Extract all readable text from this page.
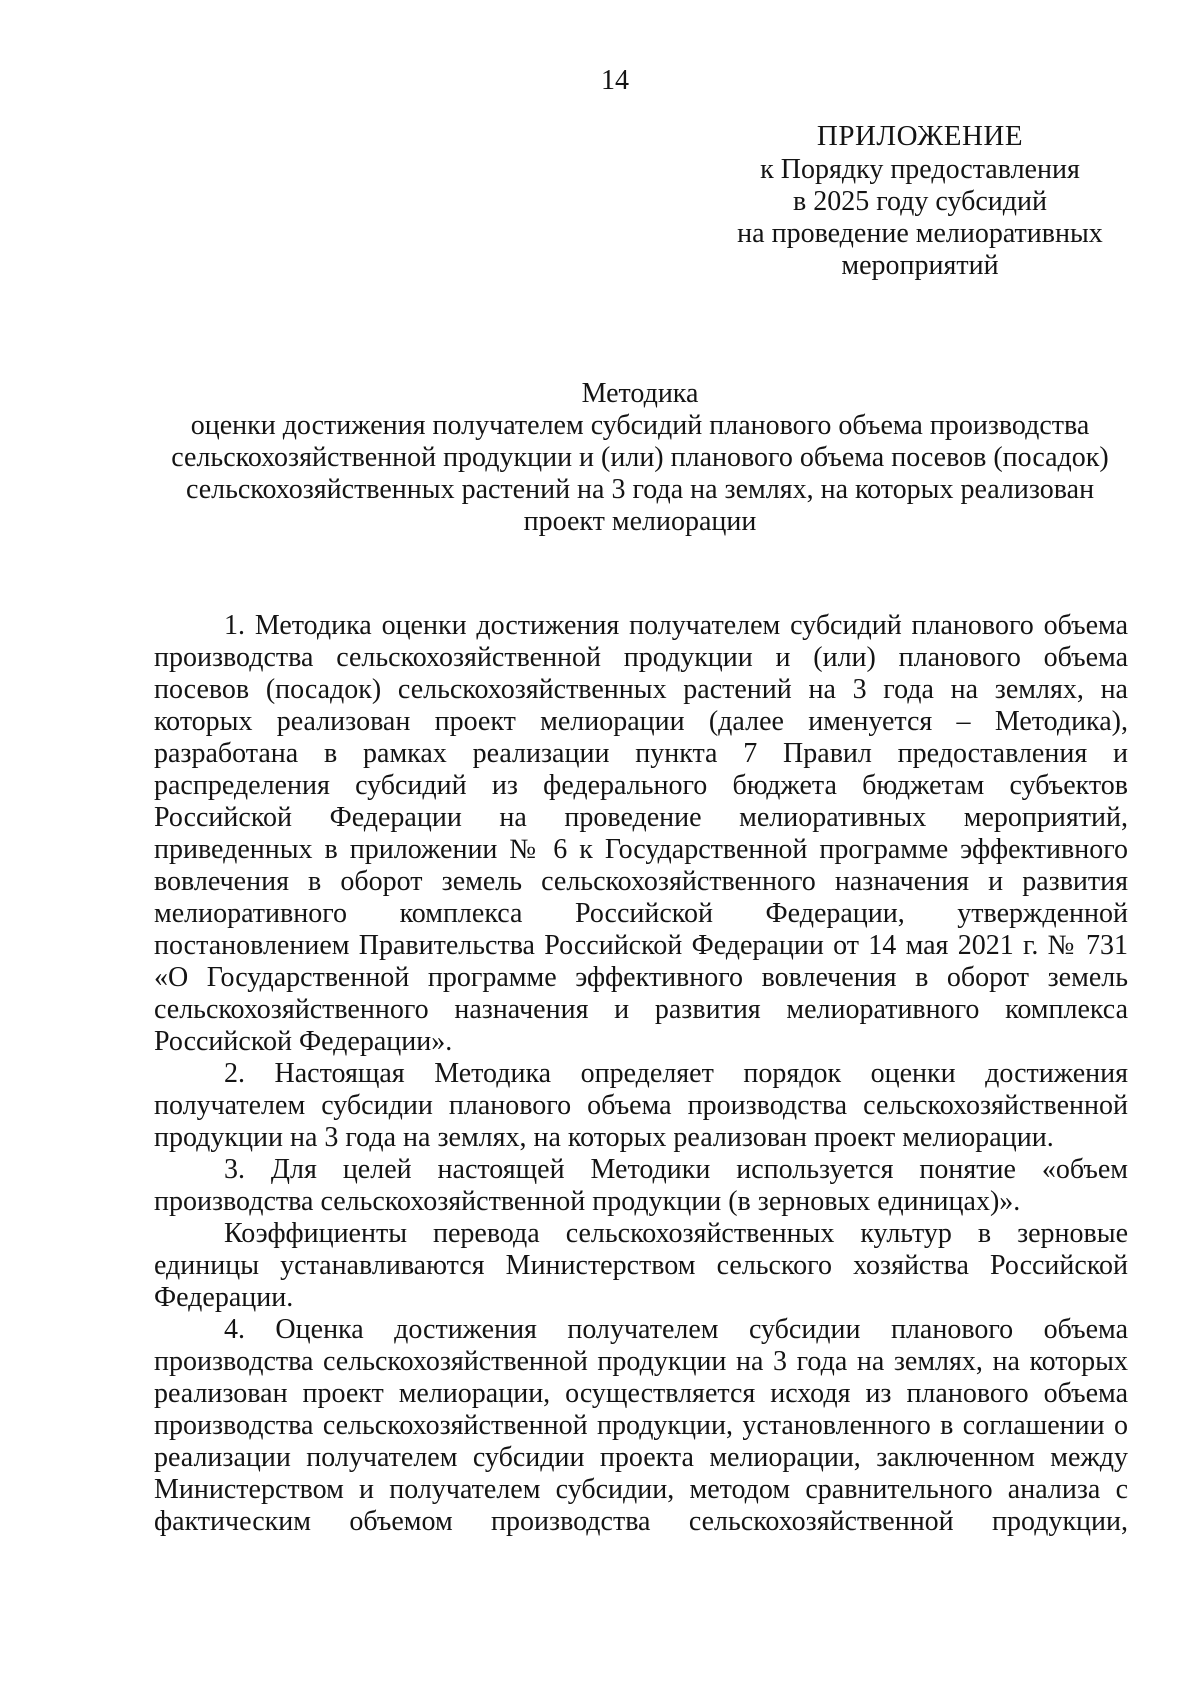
14
ПРИЛОЖЕНИЕ
к Порядку предоставления
в 2025 году субсидий
на проведение мелиоративных
мероприятий
Методика
оценки достижения получателем субсидий планового объема производства
сельскохозяйственной продукции и (или) планового объема посевов (посадок)
сельскохозяйственных растений на 3 года на землях, на которых реализован
проект мелиорации

1. Методика оценки достижения получателем субсидий планового объема производства сельскохозяйственной продукции и (или) планового объема посевов (посадок) сельскохозяйственных растений на 3 года на землях, на которых реализован проект мелиорации (далее именуется – Методика), разработана в рамках реализации пункта 7 Правил предоставления и распределения субсидий из федерального бюджета бюджетам субъектов Российской Федерации на проведение мелиоративных мероприятий, приведенных в приложении № 6 к Государственной программе эффективного вовлечения в оборот земель сельскохозяйственного назначения и развития мелиоративного комплекса Российской Федерации, утвержденной постановлением Правительства Российской Федерации от 14 мая 2021 г. № 731 «О Государственной программе эффективного вовлечения в оборот земель сельскохозяйственного назначения и развития мелиоративного комплекса Российской Федерации».

2. Настоящая Методика определяет порядок оценки достижения получателем субсидии планового объема производства сельскохозяйственной продукции на 3 года на землях, на которых реализован проект мелиорации.

3. Для целей настоящей Методики используется понятие «объем производства сельскохозяйственной продукции (в зерновых единицах)».

Коэффициенты перевода сельскохозяйственных культур в зерновые единицы устанавливаются Министерством сельского хозяйства Российской Федерации.

4. Оценка достижения получателем субсидии планового объема производства сельскохозяйственной продукции на 3 года на землях, на которых реализован проект мелиорации, осуществляется исходя из планового объема производства сельскохозяйственной продукции, установленного в соглашении о реализации получателем субсидии проекта мелиорации, заключенном между Министерством и получателем субсидии, методом сравнительного анализа с фактическим объемом производства сельскохозяйственной продукции,
